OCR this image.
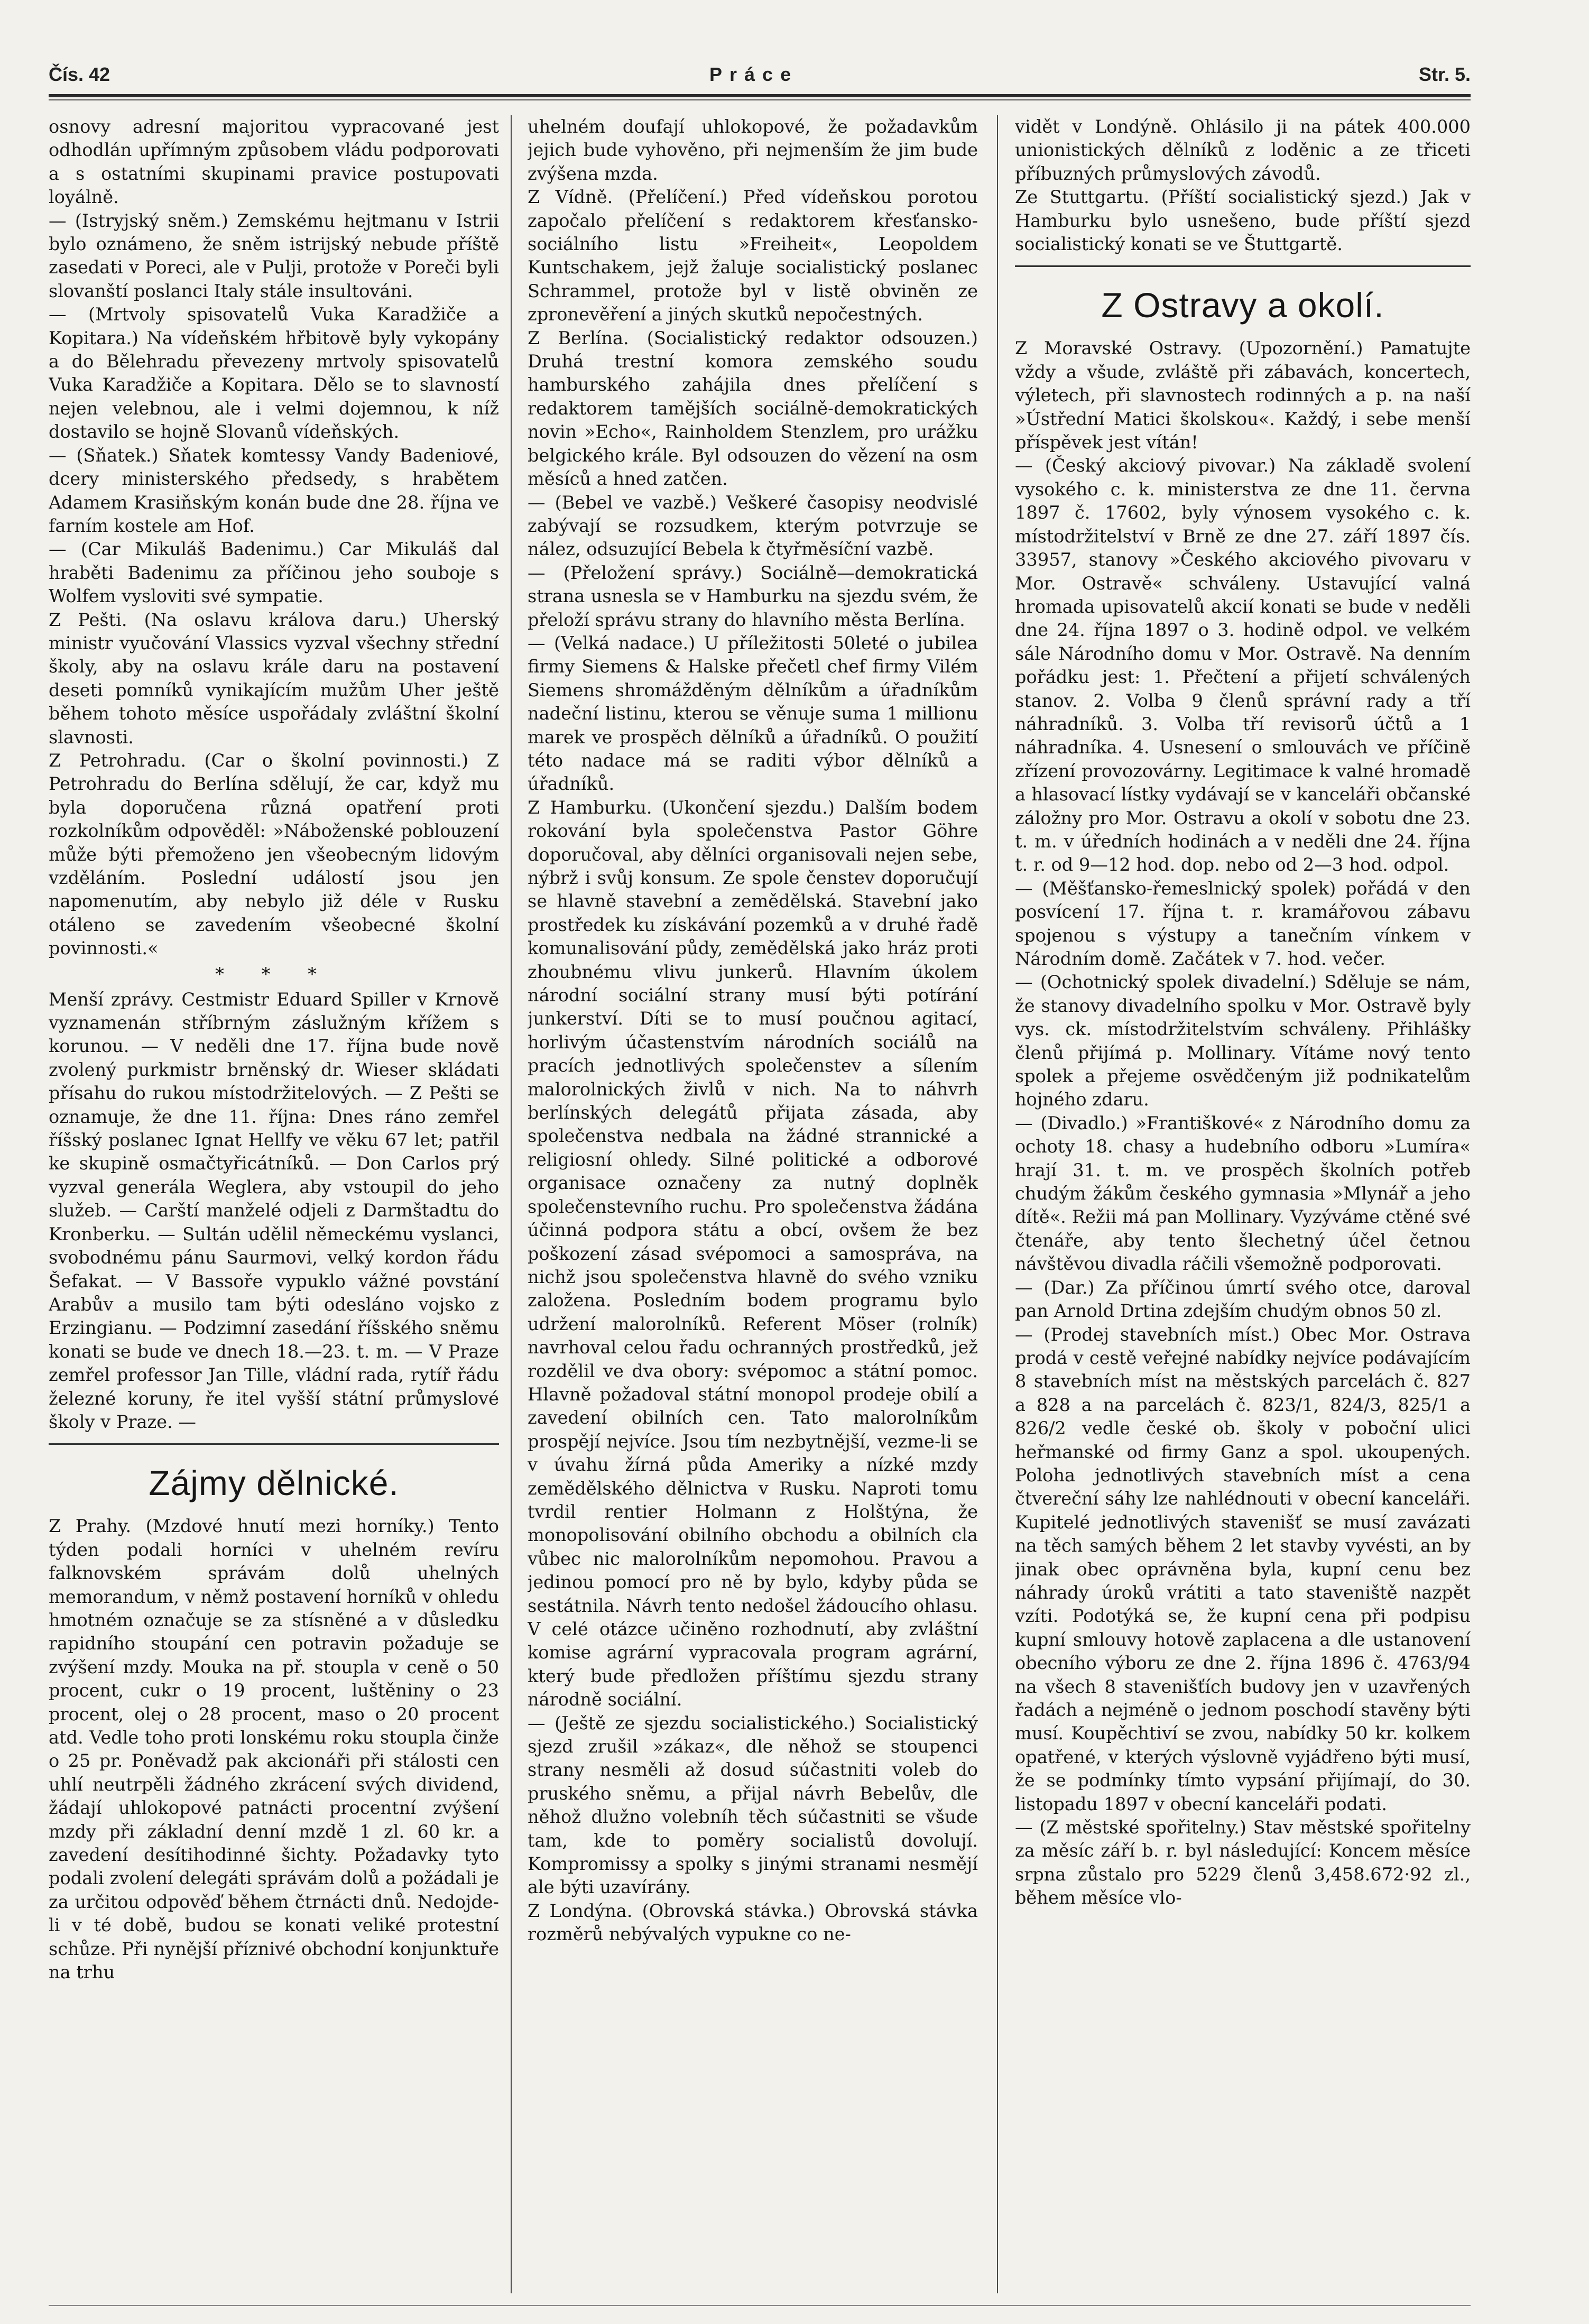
Čís. 42	Práce	Str. 5.

osnovy adresní majoritou vypracované jest odhodlán upřímným způsobem vládu podporovati a s ostatními skupinami pravice postupovati loyálně.

— (Istryjský sněm.) Zemskému hejtmanu v Istrii bylo oznámeno, že sněm istrijský nebude příště zasedati v Poreci, ale v Pulji, protože v Poreči byli slovanští poslanci Italy stále insultováni.

— (Mrtvoly spisovatelů Vuka Karadžiče a Kopitara.) Na vídeňském hřbitově byly vykopány a do Bělehradu převezeny mrtvoly spisovatelů Vuka Karadžiče a Kopitara. Dělo se to slavností nejen velebnou, ale i velmi dojemnou, k níž dostavilo se hojně Slovanů vídeňských.

— (Sňatek.) Sňatek komtessy Vandy Badeniové, dcery ministerského předsedy, s hrabětem Adamem Krasiňským konán bude dne 28. října ve farním kostele am Hof.

— (Car Mikuláš Badenimu.) Car Mikuláš dal hraběti Badenimu za příčinou jeho souboje s Wolfem vysloviti své sympatie.

Z Pešti. (Na oslavu králova daru.) Uherský ministr vyučování Vlassics vyzval všechny střední školy, aby na oslavu krále daru na postavení deseti pomníků vynikajícím mužům Uher ještě během tohoto měsíce uspořádaly zvláštní školní slavnosti.

Z Petrohradu. (Car o školní povinnosti.) Z Petrohradu do Berlína sdělují, že car, když mu byla doporučena různá opatření proti rozkolníkům odpověděl: »Náboženské poblouzení může býti přemoženo jen všeobecným lidovým vzděláním. Poslední událostí jsou jen napomenutím, aby nebylo již déle v Rusku otáleno se zavedením všeobecné školní povinnosti.«

* * *

Menší zprávy. Cestmistr Eduard Spiller v Krnově vyznamenán stříbrným záslužným křížem s korunou. — V neděli dne 17. října bude nově zvolený purkmistr brněnský dr. Wieser skládati přísahu do rukou místodržitelových. — Z Pešti se oznamuje, že dne 11. října: Dnes ráno zemřel říšský poslanec Ignat Hellfy ve věku 67 let; patřil ke skupině osmačtyřicátníků. — Don Carlos prý vyzval generála Weglera, aby vstoupil do jeho služeb. — Carští manželé odjeli z Darmštadtu do Kronberku. — Sultán udělil německému vyslanci, svobodnému pánu Saurmovi, velký kordon řádu Šefakat. — V Bassoře vypuklo vážné povstání Arabův a musilo tam býti odesláno vojsko z Erzingianu. — Podzimní zasedání říšského sněmu konati se bude ve dnech 18.—23. t. m. — V Praze zemřel professor Jan Tille, vládní rada, rytíř řádu železné koruny, ře itel vyšší státní průmyslové školy v Praze. —

Zájmy dělnické.

Z Prahy. (Mzdové hnutí mezi horníky.) Tento týden podali horníci v uhelném revíru falknovském správám dolů uhelných memorandum, v němž postavení horníků v ohledu hmotném označuje se za stísněné a v důsledku rapidního stoupání cen potravin požaduje se zvýšení mzdy. Mouka na př. stoupla v ceně o 50 procent, cukr o 19 procent, luštěniny o 23 procent, olej o 28 procent, maso o 20 procent atd. Vedle toho proti lonskému roku stoupla činže o 25 pr. Poněvadž pak akcionáři při stálosti cen uhlí neutrpěli žádného zkrácení svých dividend, žádají uhlokopové patnácti procentní zvýšení mzdy při základní denní mzdě 1 zl. 60 kr. a zavedení desítihodinné šichty. Požadavky tyto podali zvolení delegáti správám dolů a požádali je za určitou odpověď během čtrnácti dnů. Nedojde-li v té době, budou se konati veliké protestní schůze. Při nynější příznivé obchodní konjunktuře na trhu

uhelném doufají uhlokopové, že požadavkům jejich bude vyhověno, při nejmenším že jim bude zvýšena mzda.

Z Vídně. (Přelíčení.) Před vídeňskou porotou započalo přelíčení s redaktorem křesťansko-sociálního listu »Freiheit«, Leopoldem Kuntschakem, jejž žaluje socialistický poslanec Schrammel, protože byl v listě obviněn ze zpronevěření a jiných skutků nepočestných.

Z Berlína. (Socialistický redaktor odsouzen.) Druhá trestní komora zemského soudu hamburského zahájila dnes přelíčení s redaktorem tamějších sociálně-demokratických novin »Echo«, Rainholdem Stenzlem, pro urážku belgického krále. Byl odsouzen do vězení na osm měsíců a hned zatčen.

— (Bebel ve vazbě.) Veškeré časopisy neodvislé zabývají se rozsudkem, kterým potvrzuje se nález, odsuzující Bebela k čtyřměsíční vazbě.

— (Přeložení správy.) Sociálně—demokratická strana usnesla se v Hamburku na sjezdu svém, že přeloží správu strany do hlavního města Berlína.

— (Velká nadace.) U příležitosti 50leté o jubilea firmy Siemens & Halske přečetl chef firmy Vilém Siemens shromážděným dělníkům a úřadníkům nadeční listinu, kterou se věnuje suma 1 millionu marek ve prospěch dělníků a úřadníků. O použití této nadace má se raditi výbor dělníků a úřadníků.

Z Hamburku. (Ukončení sjezdu.) Dalším bodem rokování byla společenstva Pastor Göhre doporučoval, aby dělníci organisovali nejen sebe, nýbrž i svůj konsum. Ze spole čenstev doporučují se hlavně stavební a zemědělská. Stavební jako prostředek ku získávání pozemků a v druhé řadě komunalisování půdy, zemědělská jako hráz proti zhoubnému vlivu junkerů. Hlavním úkolem národní sociální strany musí býti potírání junkerství. Díti se to musí poučnou agitací, horlivým účastenstvím národních sociálů na pracích jednotlivých společenstev a sílením malorolnických živlů v nich. Na to náhvrh berlínských delegátů přijata zásada, aby společenstva nedbala na žádné strannické a religiosní ohledy. Silné politické a odborové organisace označeny za nutný doplněk společenstevního ruchu. Pro společenstva žádána účinná podpora státu a obcí, ovšem že bez poškození zásad svépomoci a samospráva, na nichž jsou společenstva hlavně do svého vzniku založena. Posledním bodem programu bylo udržení malorolníků. Referent Möser (rolník) navrhoval celou řadu ochranných prostředků, jež rozdělil ve dva obory: svépomoc a státní pomoc. Hlavně požadoval státní monopol prodeje obilí a zavedení obilních cen. Tato malorolníkům prospějí nejvíce. Jsou tím nezbytnější, vezme-li se v úvahu žírná půda Ameriky a nízké mzdy zemědělského dělnictva v Rusku. Naproti tomu tvrdil rentier Holmann z Holštýna, že monopolisování obilního obchodu a obilních cla vůbec nic malorolníkům nepomohou. Pravou a jedinou pomocí pro ně by bylo, kdyby půda se sestátnila. Návrh tento nedošel žádoucího ohlasu. V celé otázce učiněno rozhodnutí, aby zvláštní komise agrární vypracovala program agrární, který bude předložen příštímu sjezdu strany národně sociální.

— (Ještě ze sjezdu socialistického.) Socialistický sjezd zrušil »zákaz«, dle něhož se stoupenci strany nesměli až dosud súčastniti voleb do pruského sněmu, a přijal návrh Bebelův, dle něhož dlužno volebníh těch súčastniti se všude tam, kde to poměry socialistů dovolují. Kompromissy a spolky s jinými stranami nesmějí ale býti uzavírány.

Z Londýna. (Obrovská stávka.) Obrovská stávka rozměrů nebývalých vypukne co ne-

vidět v Londýně. Ohlásilo ji na pátek 400.000 unionistických dělníků z loděnic a ze třiceti příbuzných průmyslových závodů.

Ze Stuttgartu. (Příští socialistický sjezd.) Jak v Hamburku bylo usnešeno, bude příští sjezd socialistický konati se ve Štuttgartě.

Z Ostravy a okolí.

Z Moravské Ostravy. (Upozornění.) Pamatujte vždy a všude, zvláště při zábavách, koncertech, výletech, při slavnostech rodinných a p. na naší »Ústřední Matici školskou«. Každý, i sebe menší příspěvek jest vítán!

— (Český akciový pivovar.) Na základě svolení vysokého c. k. ministerstva ze dne 11. června 1897 č. 17602, byly výnosem vysokého c. k. místodržitelství v Brně ze dne 27. září 1897 čís. 33957, stanovy »Českého akciového pivovaru v Mor. Ostravě« schváleny. Ustavující valná hromada upisovatelů akcií konati se bude v neděli dne 24. října 1897 o 3. hodině odpol. ve velkém sále Národního domu v Mor. Ostravě. Na denním pořádku jest: 1. Přečtení a přijetí schválených stanov. 2. Volba 9 členů správní rady a tří náhradníků. 3. Volba tří revisorů účtů a 1 náhradníka. 4. Usnesení o smlouvách ve příčině zřízení provozovárny. Legitimace k valné hromadě a hlasovací lístky vydávají se v kanceláři občanské záložny pro Mor. Ostravu a okolí v sobotu dne 23. t. m. v úředních hodinách a v neděli dne 24. října t. r. od 9—12 hod. dop. nebo od 2—3 hod. odpol.

— (Měšťansko-řemeslnický spolek) pořádá v den posvícení 17. října t. r. kramářovou zábavu spojenou s výstupy a tanečním vínkem v Národním domě. Začátek v 7. hod. večer.

— (Ochotnický spolek divadelní.) Sděluje se nám, že stanovy divadelního spolku v Mor. Ostravě byly vys. ck. místodržitelstvím schváleny. Přihlášky členů přijímá p. Mollinary. Vítáme nový tento spolek a přejeme osvědčeným již podnikatelům hojného zdaru.

— (Divadlo.) »Františkové« z Národního domu za ochoty 18. chasy a hudebního odboru »Lumíra« hrají 31. t. m. ve prospěch školních potřeb chudým žákům českého gymnasia »Mlynář a jeho dítě«. Režii má pan Mollinary. Vyzýváme ctěné své čtenáře, aby tento šlechetný účel četnou návštěvou divadla ráčili všemožně podporovati.

— (Dar.) Za příčinou úmrtí svého otce, daroval pan Arnold Drtina zdejším chudým obnos 50 zl.

— (Prodej stavebních míst.) Obec Mor. Ostrava prodá v cestě veřejné nabídky nejvíce podávajícím 8 stavebních míst na městských parcelách č. 827 a 828 a na parcelách č. 823/1, 824/3, 825/1 a 826/2 vedle české ob. školy v poboční ulici heřmanské od firmy Ganz a spol. ukoupených. Poloha jednotlivých stavebních míst a cena čtvereční sáhy lze nahlédnouti v obecní kanceláři. Kupitelé jednotlivých stavenišť se musí zavázati na těch samých během 2 let stavby vyvésti, an by jinak obec oprávněna byla, kupní cenu bez náhrady úroků vrátiti a tato staveniště nazpět vzíti. Podotýká se, že kupní cena při podpisu kupní smlouvy hotově zaplacena a dle ustanovení obecního výboru ze dne 2. října 1896 č. 4763/94 na všech 8 stavenišťích budovy jen v uzavřených řadách a nejméně o jednom poschodí stavěny býti musí. Koupěchtiví se zvou, nabídky 50 kr. kolkem opatřené, v kterých výslovně vyjádřeno býti musí, že se podmínky tímto vypsání přijímají, do 30. listopadu 1897 v obecní kanceláři podati.

— (Z městské spořitelny.) Stav městské spořitelny za měsíc září b. r. byl následující: Koncem měsíce srpna zůstalo pro 5229 členů 3,458.672·92 zl., během měsíce vlo-
